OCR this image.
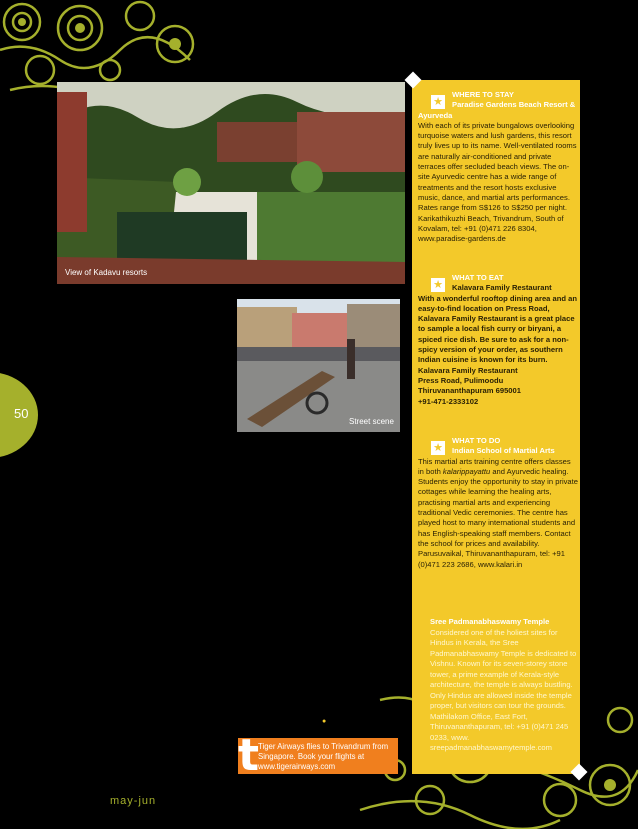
View of Kadavu resorts
Street scene
50
★

WHERE TO STAY

Paradise Gardens Beach Resort & Ayurveda

With each of its private bungalows overlooking turquoise waters and lush gardens, this resort truly lives up to its name. Well-ventilated rooms are naturally air-conditioned and private terraces offer secluded beach views. The on-site Ayurvedic centre has a wide range of treatments and the resort hosts exclusive music, dance, and martial arts performances. Rates range from S$126 to S$250 per night. Karikathikuzhi Beach, Trivandrum, South of Kovalam, tel: +91 (0)471 226 8304, www.paradise-gardens.de

★

WHAT TO EAT

Kalavara Family Restaurant

With a wonderful rooftop dining area and an easy-to-find location on Press Road, Kalavara Family Restaurant is a great place to sample a local fish curry or biryani, a spiced rice dish. Be sure to ask for a non-spicy version of your order, as southern Indian cuisine is known for its burn.

Kalavara Family Restaurant

Press Road, Pulimoodu

Thiruvananthapuram 695001

+91-471-2333102

★

WHAT TO DO

Indian School of Martial Arts

This martial arts training centre offers classes in both kalarippayattu and Ayurvedic healing. Students enjoy the opportunity to stay in private cottages while learning the healing arts, practising martial arts and experiencing traditional Vedic ceremonies. The centre has played host to many international students and has English-speaking staff members. Contact the school for prices and availability. Parusuvaikal, Thiruvananthapuram, tel: +91 (0)471 223 2686, www.kalari.in

Sree Padmanabhaswamy Temple

Considered one of the holiest sites for Hindus in Kerala, the Sree Padmanabhaswamy Temple is dedicated to Vishnu. Known for its seven-storey stone tower, a prime example of Kerala-style architecture, the temple is always bustling. Only Hindus are allowed inside the temple proper, but visitors can tour the grounds. Mathilakom Office, East Fort, Thiruvananthapuram, tel: +91 (0)471 245 0233, www. sreepadmanabhaswamytemple.com

●
t
Tiger Airways flies to Trivandrum from Singapore. Book your flights at www.tigerairways.com
may-jun
